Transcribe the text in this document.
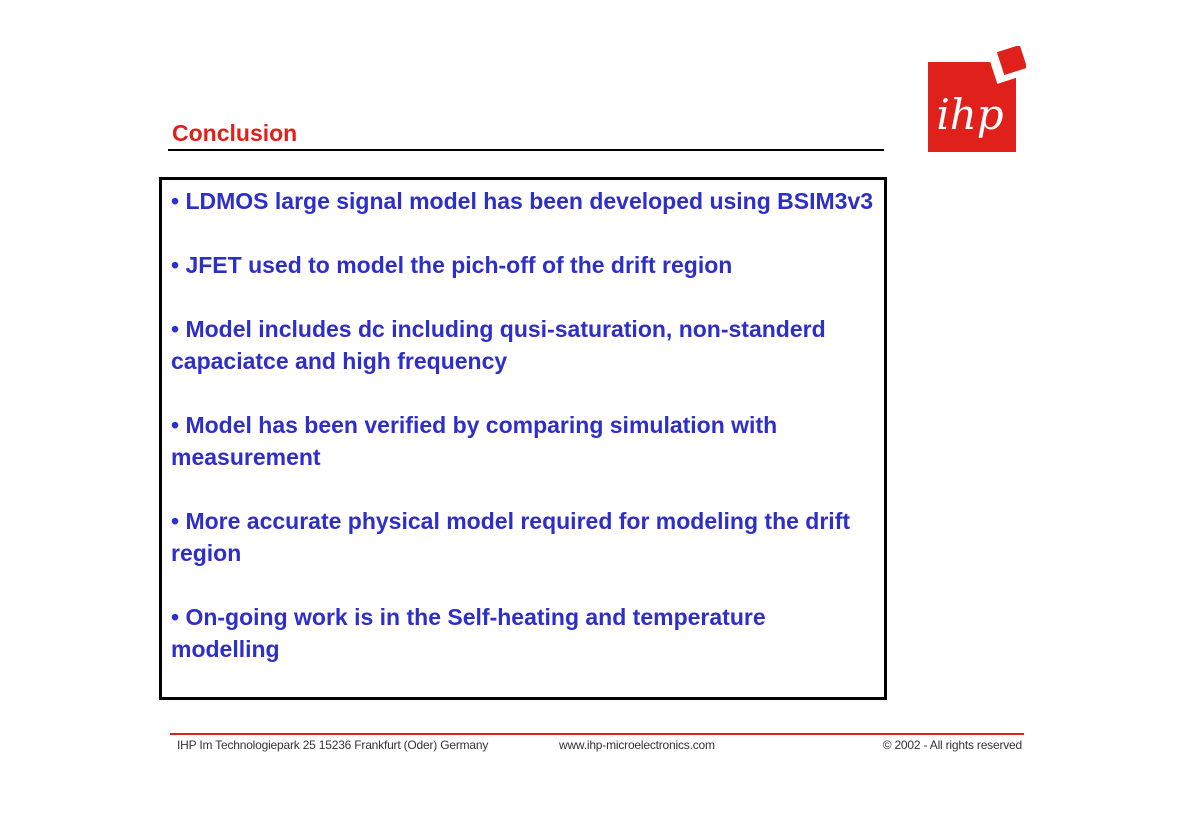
Conclusion	ihp
• LDMOS large signal model has been developed using BSIM3v3
• JFET used to model the pich-off of the drift region
• Model includes dc including qusi-saturation, non-standerd capaciatce and high frequency
• Model has been verified by comparing simulation with measurement
• More accurate physical model required for modeling the drift region
• On-going work is in the Self-heating and temperature modelling
IHP Im Technologiepark 25 15236 Frankfurt (Oder) Germany	www.ihp-microelectronics.com	© 2002 - All rights reserved
